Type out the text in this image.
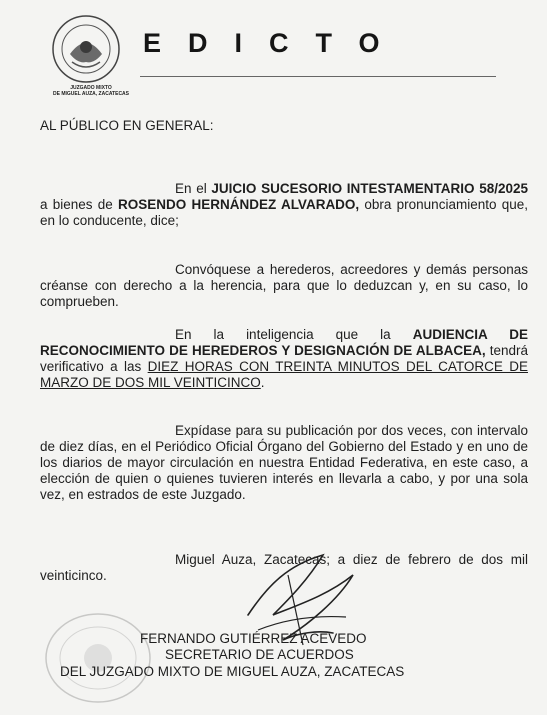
JUZGADO MIXTO
DE MIGUEL AUZA, ZACATECAS
EDICTO
AL PÚBLICO EN GENERAL:
En el JUICIO SUCESORIO INTESTAMENTARIO 58/2025 a bienes de ROSENDO HERNÁNDEZ ALVARADO, obra pronunciamiento que, en lo conducente, dice;
Convóquese a herederos, acreedores y demás personas créanse con derecho a la herencia, para que lo deduzcan y, en su caso, lo comprueben.
En la inteligencia que la AUDIENCIA DE RECONOCIMIENTO DE HEREDEROS Y DESIGNACIÓN DE ALBACEA, tendrá verificativo a las DIEZ HORAS CON TREINTA MINUTOS DEL CATORCE DE MARZO DE DOS MIL VEINTICINCO.
Expídase para su publicación por dos veces, con intervalo de diez días, en el Periódico Oficial Órgano del Gobierno del Estado y en uno de los diarios de mayor circulación en nuestra Entidad Federativa, en este caso, a elección de quien o quienes tuvieren interés en llevarla a cabo, y por una sola vez, en estrados de este Juzgado.
Miguel Auza, Zacatecas; a diez de febrero de dos mil veinticinco.
FERNANDO GUTIÉRREZ ACEVEDO
SECRETARIO DE ACUERDOS
DEL JUZGADO MIXTO DE MIGUEL AUZA, ZACATECAS
